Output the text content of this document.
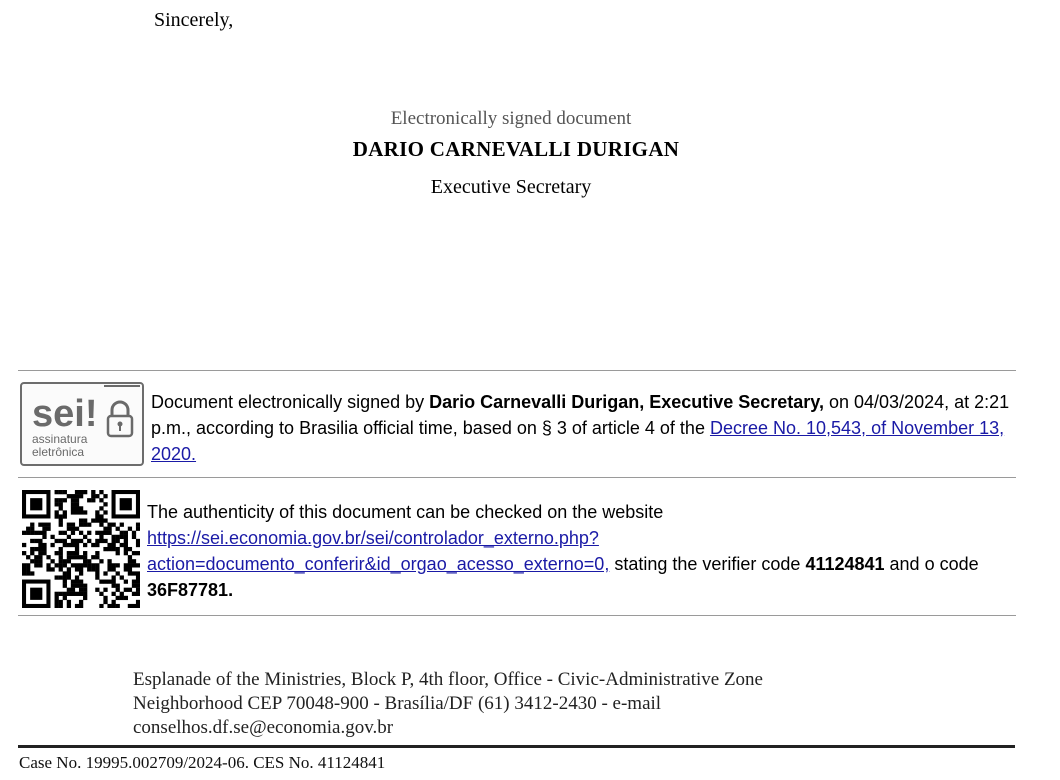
Sincerely,
Electronically signed document
DARIO CARNEVALLI DURIGAN
Executive Secretary
sei!
assinatura
eletrônica
Document electronically signed by Dario Carnevalli Durigan, Executive Secretary, on 04/03/2024, at 2:21 p.m., according to Brasilia official time, based on § 3 of article 4 of the Decree No. 10,543, of November 13, 2020.
The authenticity of this document can be checked on the website https://sei.economia.gov.br/sei/controlador_externo.php?action=documento_conferir&id_orgao_acesso_externo=0, stating the verifier code 41124841 and o code 36F87781.
Esplanade of the Ministries, Block P, 4th floor, Office - Civic-Administrative Zone
Neighborhood CEP 70048-900 - Brasília/DF (61) 3412-2430 - e-mail
conselhos.df.se@economia.gov.br
Case No. 19995.002709/2024-06. CES No. 41124841
